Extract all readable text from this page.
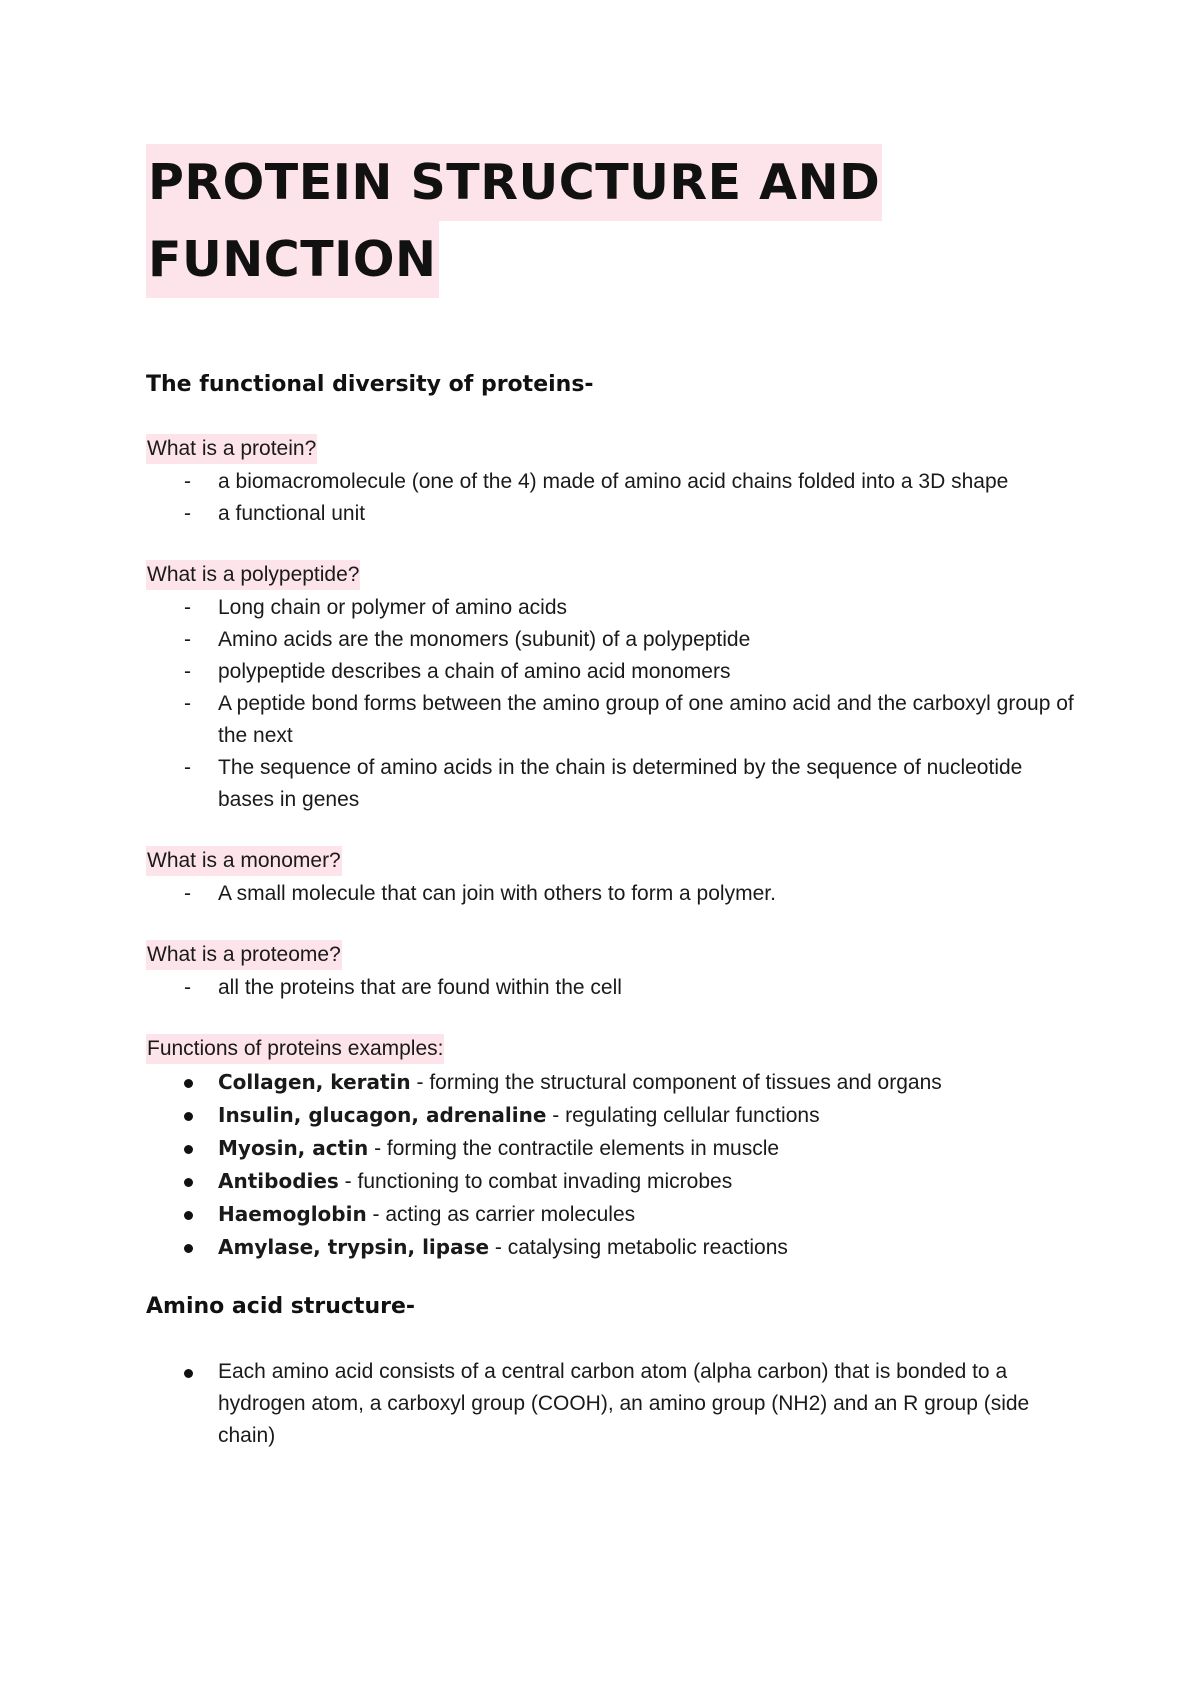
PROTEIN STRUCTURE AND
FUNCTION
The functional diversity of proteins-
What is a protein?
- a biomacromolecule (one of the 4) made of amino acid chains folded into a 3D shape
- a functional unit
What is a polypeptide?
- Long chain or polymer of amino acids
- Amino acids are the monomers (subunit) of a polypeptide
- polypeptide describes a chain of amino acid monomers
- A peptide bond forms between the amino group of one amino acid and the carboxyl group of the next
- The sequence of amino acids in the chain is determined by the sequence of nucleotide bases in genes
What is a monomer?
- A small molecule that can join with others to form a polymer.
What is a proteome?
- all the proteins that are found within the cell
Functions of proteins examples:
Collagen, keratin - forming the structural component of tissues and organs
Insulin, glucagon, adrenaline - regulating cellular functions
Myosin, actin - forming the contractile elements in muscle
Antibodies - functioning to combat invading microbes
Haemoglobin - acting as carrier molecules
Amylase, trypsin, lipase - catalysing metabolic reactions
Amino acid structure-
Each amino acid consists of a central carbon atom (alpha carbon) that is bonded to a hydrogen atom, a carboxyl group (COOH), an amino group (NH2) and an R group (side chain)
